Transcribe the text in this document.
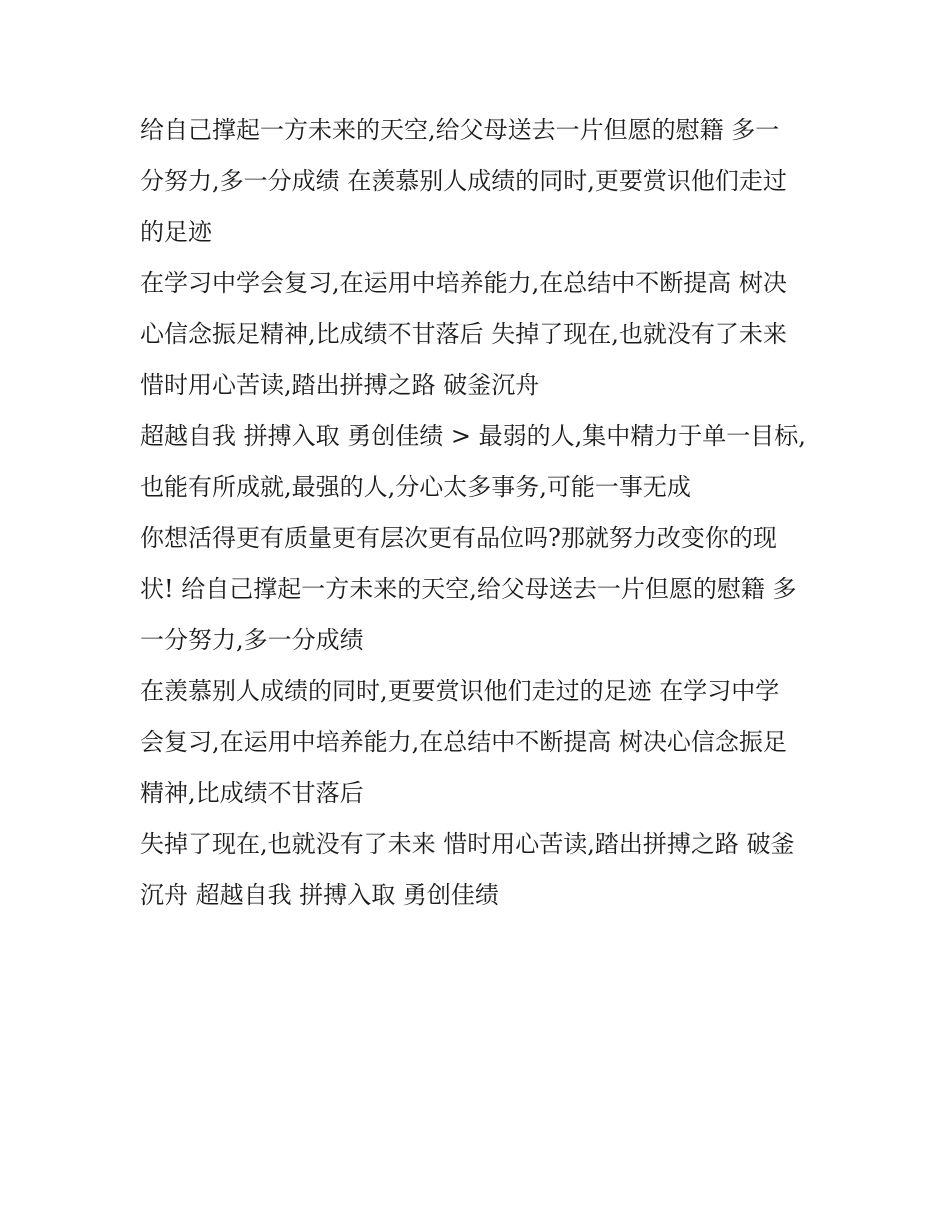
给自己撑起一方未来的天空,给父母送去一片但愿的慰籍 多一
分努力,多一分成绩 在羡慕别人成绩的同时,更要赏识他们走过
的足迹
在学习中学会复习,在运用中培养能力,在总结中不断提高 树决
心信念振足精神,比成绩不甘落后 失掉了现在,也就没有了未来
惜时用心苦读,踏出拼搏之路 破釜沉舟
超越自我 拼搏入取 勇创佳绩 > 最弱的人,集中精力于单一目标,
也能有所成就,最强的人,分心太多事务,可能一事无成
你想活得更有质量更有层次更有品位吗?那就努力改变你的现
状! 给自己撑起一方未来的天空,给父母送去一片但愿的慰籍 多
一分努力,多一分成绩
在羡慕别人成绩的同时,更要赏识他们走过的足迹 在学习中学
会复习,在运用中培养能力,在总结中不断提高 树决心信念振足
精神,比成绩不甘落后
失掉了现在,也就没有了未来 惜时用心苦读,踏出拼搏之路 破釜
沉舟 超越自我 拼搏入取 勇创佳绩
